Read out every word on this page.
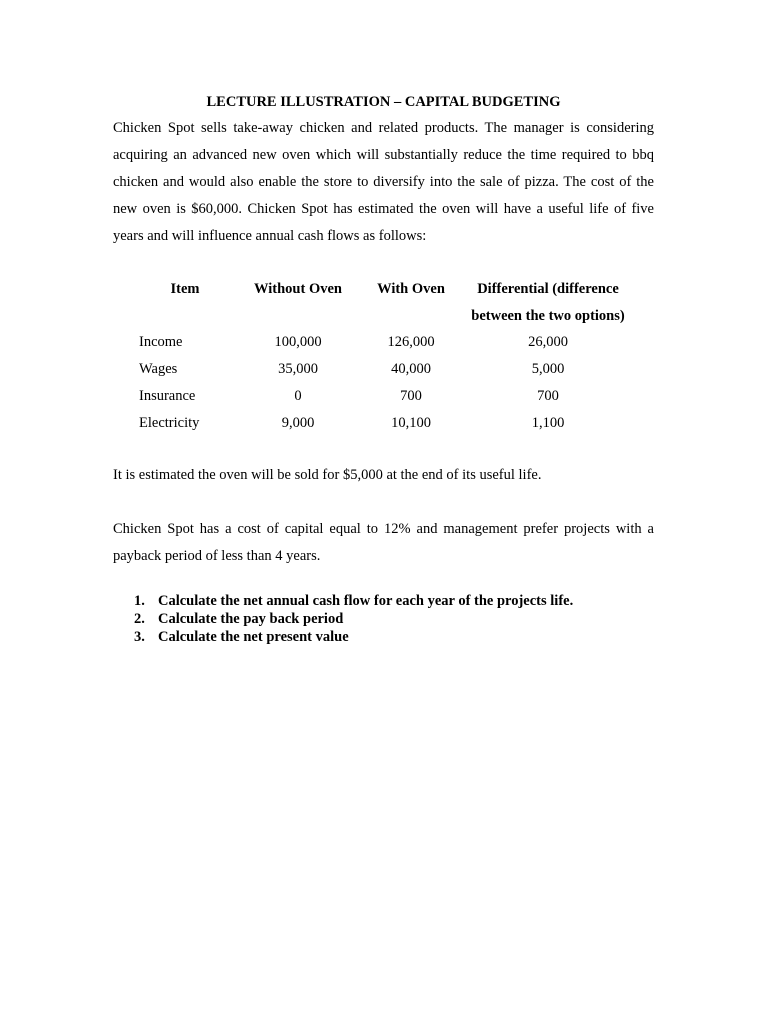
LECTURE ILLUSTRATION – CAPITAL BUDGETING

Chicken Spot sells take-away chicken and related products. The manager is considering acquiring an advanced new oven which will substantially reduce the time required to bbq chicken and would also enable the store to diversify into the sale of pizza. The cost of the new oven is $60,000. Chicken Spot has estimated the oven will have a useful life of five years and will influence annual cash flows as follows:

Item	Without Oven	With Oven	Differential (difference
between the two options)
Income	100,000	126,000	26,000
Wages	35,000	40,000	5,000
Insurance	0	700	700
Electricity	9,000	10,100	1,100

It is estimated the oven will be sold for $5,000 at the end of its useful life.

Chicken Spot has a cost of capital equal to 12% and management prefer projects with a payback period of less than 4 years.

1. Calculate the net annual cash flow for each year of the projects life.
2. Calculate the pay back period
3. Calculate the net present value
